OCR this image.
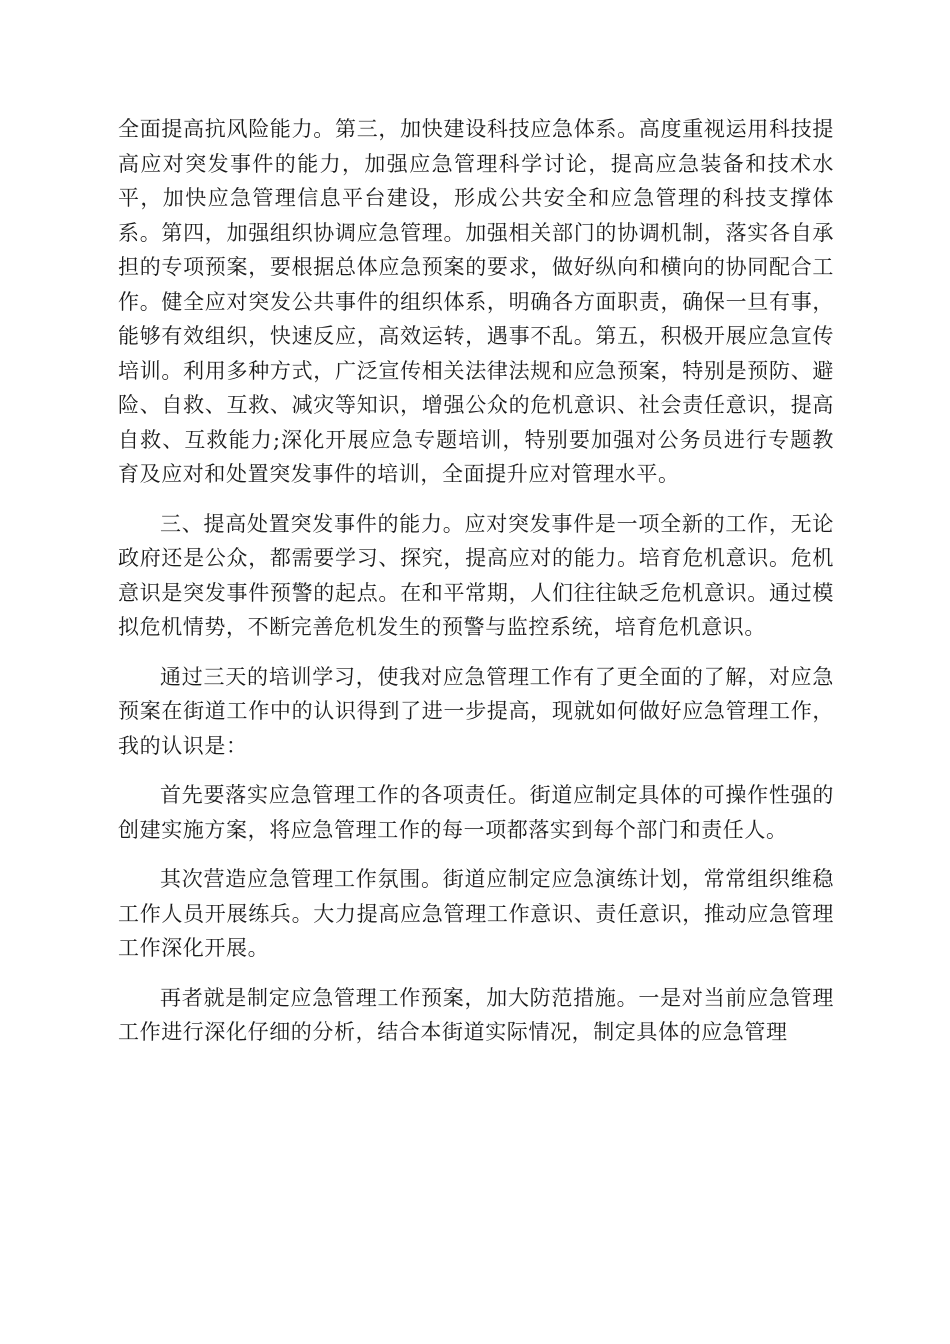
全面提高抗风险能力。第三，加快建设科技应急体系。高度重视运用科技提高应对突发事件的能力，加强应急管理科学讨论，提高应急装备和技术水平，加快应急管理信息平台建设，形成公共安全和应急管理的科技支撑体系。第四，加强组织协调应急管理。加强相关部门的协调机制，落实各自承担的专项预案，要根据总体应急预案的要求，做好纵向和横向的协同配合工作。健全应对突发公共事件的组织体系，明确各方面职责，确保一旦有事，能够有效组织，快速反应，高效运转，遇事不乱。第五，积极开展应急宣传培训。利用多种方式，广泛宣传相关法律法规和应急预案，特别是预防、避险、自救、互救、减灾等知识，增强公众的危机意识、社会责任意识，提高自救、互救能力;深化开展应急专题培训，特别要加强对公务员进行专题教育及应对和处置突发事件的培训，全面提升应对管理水平。

三、提高处置突发事件的能力。应对突发事件是一项全新的工作，无论政府还是公众，都需要学习、探究，提高应对的能力。培育危机意识。危机意识是突发事件预警的起点。在和平常期，人们往往缺乏危机意识。通过模拟危机情势，不断完善危机发生的预警与监控系统，培育危机意识。

通过三天的培训学习，使我对应急管理工作有了更全面的了解，对应急预案在街道工作中的认识得到了进一步提高，现就如何做好应急管理工作，我的认识是：

首先要落实应急管理工作的各项责任。街道应制定具体的可操作性强的创建实施方案，将应急管理工作的每一项都落实到每个部门和责任人。

其次营造应急管理工作氛围。街道应制定应急演练计划，常常组织维稳工作人员开展练兵。大力提高应急管理工作意识、责任意识，推动应急管理工作深化开展。

再者就是制定应急管理工作预案，加大防范措施。一是对当前应急管理工作进行深化仔细的分析，结合本街道实际情况，制定具体的应急管理
